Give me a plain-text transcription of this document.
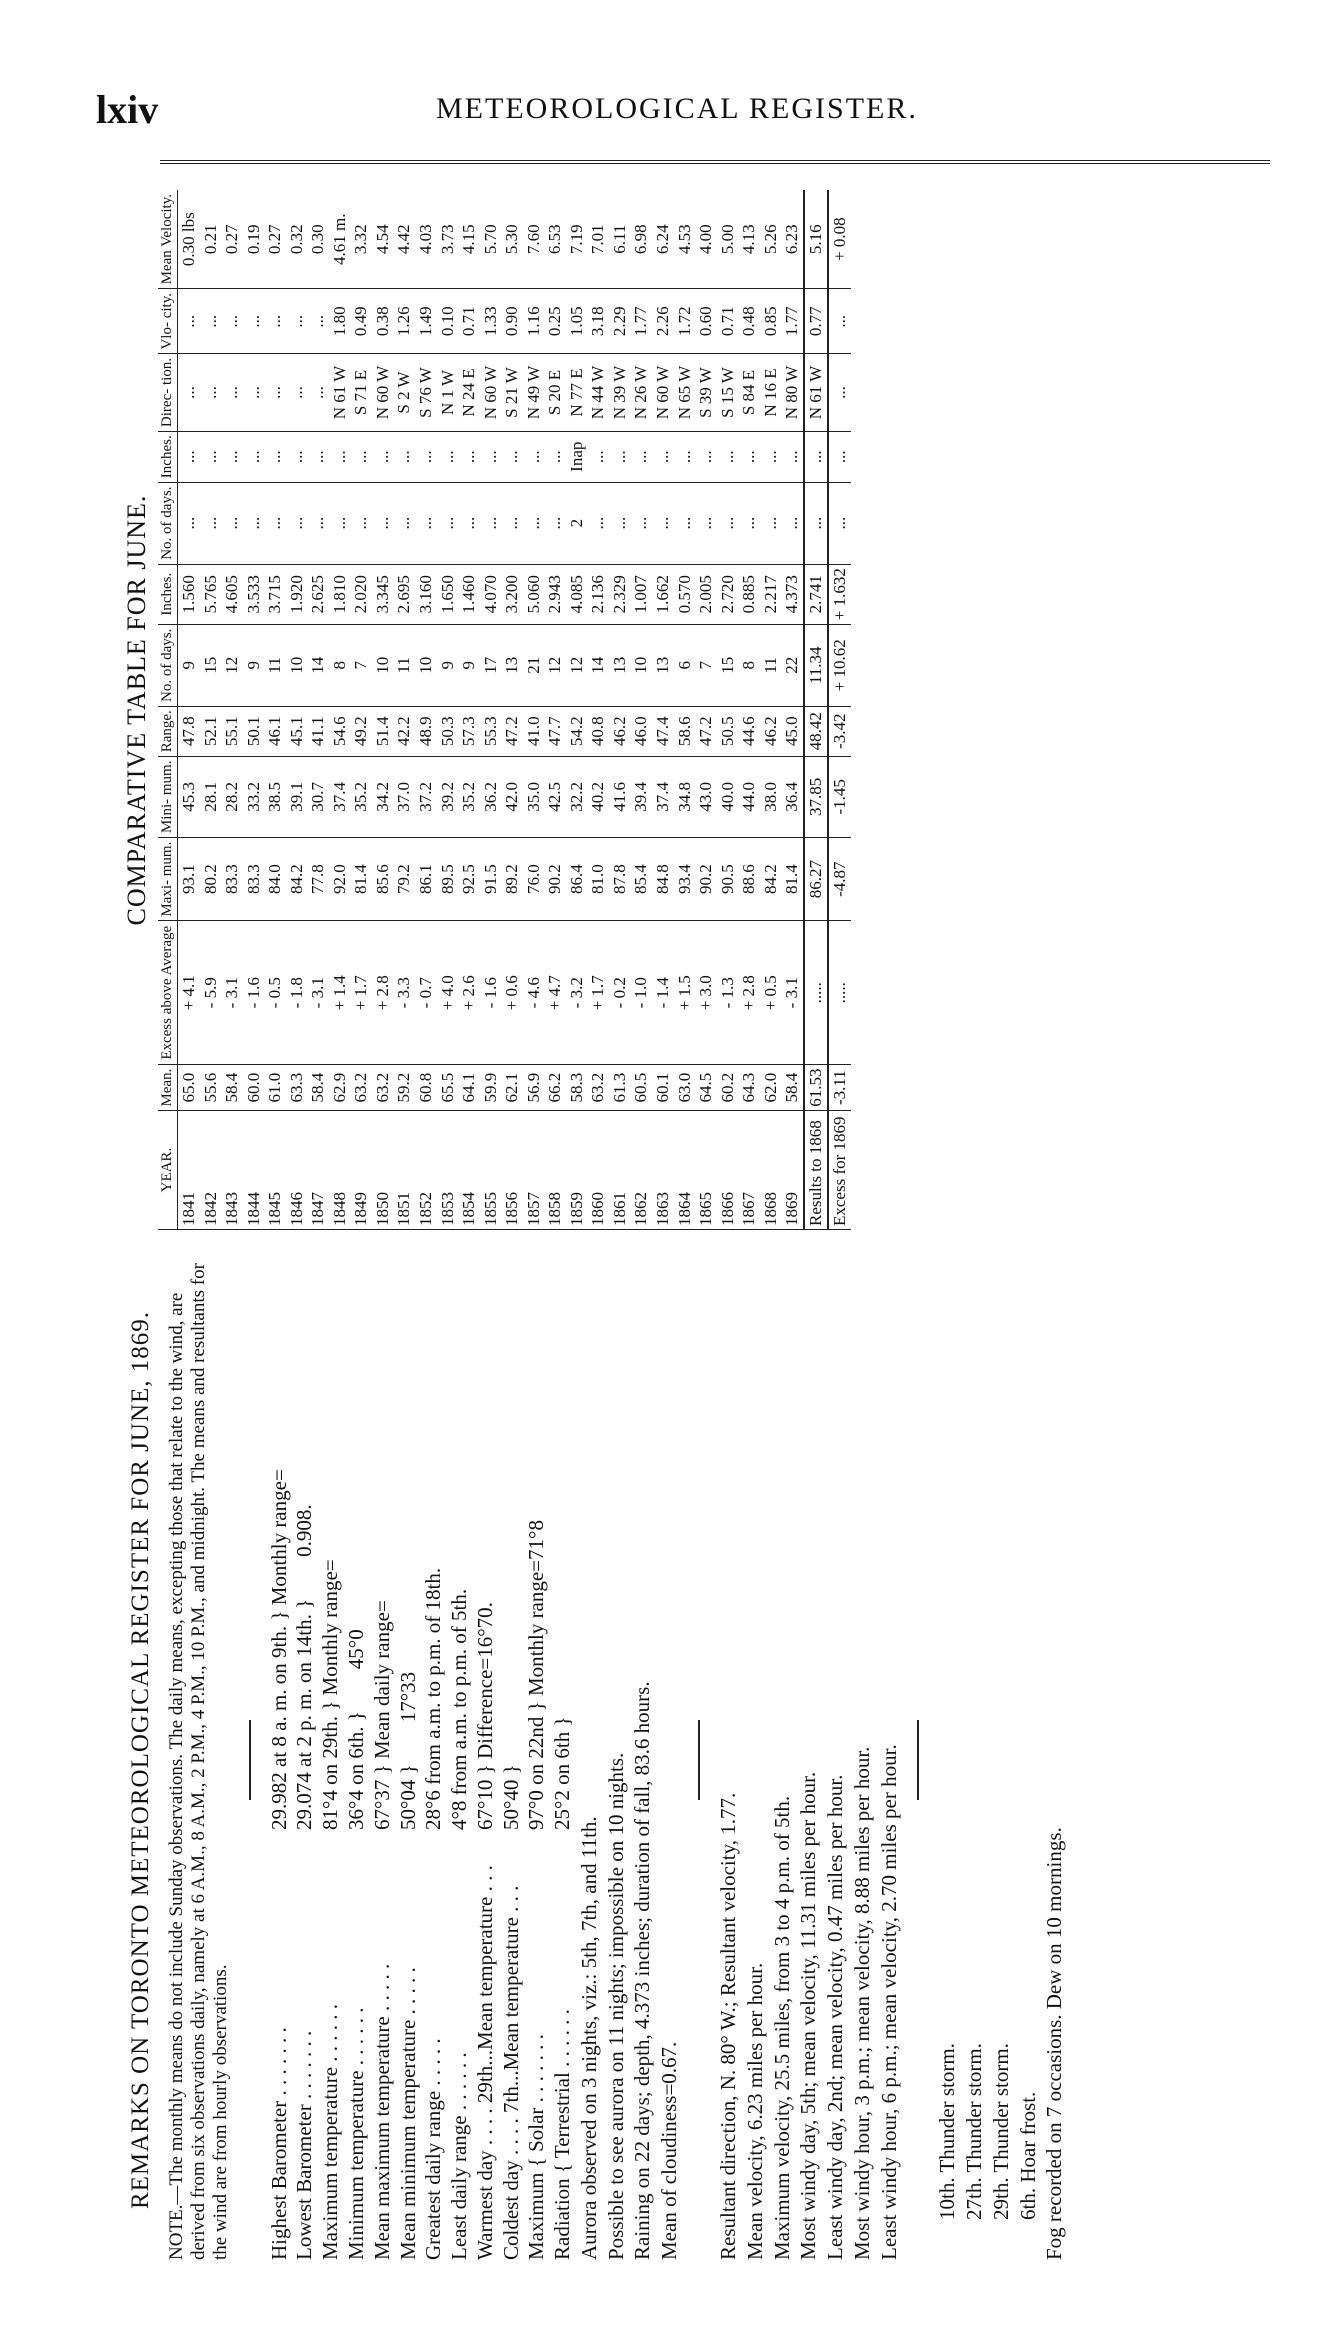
lxiv	METEOROLOGICAL REGISTER.
REMARKS ON TORONTO METEOROLOGICAL REGISTER FOR JUNE, 1869. NOTE.—The monthly means do not include Sunday observations. The daily means, excepting those that relate to the wind, are derived from six observations daily, namely at 6 A.M., 8 A.M., 2 P.M., 4 P.M., 10 P.M., and midnight. The means and resultants for the wind are from hourly observations. Highest Barometer . . . . . . .
29.982 at 8 a. m. on 9th. } Monthly range=
Lowest Barometer . . . . . . .
29.074 at 2 p. m. on 14th. }        0.908.
Maximum temperature . . . . . .
81°4 on 29th. } Monthly range=
Minimum temperature . . . . . .
36°4 on 6th. }        45°0
Mean maximum temperature . . . . .
67°37 } Mean daily range=
Mean minimum temperature . . . . .
50°04 }        17°33
Greatest daily range . . . . .
28°6 from a.m. to p.m. of 18th.
Least daily range . . . . . .
4°8 from a.m. to p.m. of 5th.
Warmest day . . . . 29th...Mean temperature . . .
67°10 } Difference=16°70.
Coldest day . . . . 7th...Mean temperature . . .
50°40 }
Maximum { Solar . . . . . . .
97°0 on 22nd } Monthly range=71°8
Radiation { Terrestrial . . . . . .
25°2 on 6th }
Aurora observed on 3 nights, viz.: 5th, 7th, and 11th. Possible to see aurora on 11 nights; impossible on 10 nights. Raining on 22 days; depth, 4.373 inches; duration of fall, 83.6 hours. Mean of cloudiness=0.67. Resultant direction, N. 80° W.; Resultant velocity, 1.77. Mean velocity, 6.23 miles per hour. Maximum velocity, 25.5 miles, from 3 to 4 p.m. of 5th. Most windy day, 5th; mean velocity, 11.31 miles per hour. Least windy day, 2nd; mean velocity, 0.47 miles per hour. Most windy hour, 3 p.m.; mean velocity, 8.88 miles per hour. Least windy hour, 6 p.m.; mean velocity, 2.70 miles per hour. 10th. Thunder storm. 27th. Thunder storm. 29th. Thunder storm. 6th. Hoar frost. Fog recorded on 7 occasions. Dew on 10 mornings.
COMPARATIVE TABLE FOR JUNE.
YEAR.	Mean.	Excess above Average	Maxi- mum.	Mini- mum.	Range.	No. of days.	Inches.	No. of days.	Inches.	Direc- tion.	Vlo- city.	Mean Velocity.
1841	65.0	+ 4.1	93.1	45.3	47.8	9	1.560	...	...	...	...	0.30 lbs
1842	55.6	- 5.9	80.2	28.1	52.1	15	5.765	...	...	...	...	0.21
1843	58.4	- 3.1	83.3	28.2	55.1	12	4.605	...	...	...	...	0.27
1844	60.0	- 1.6	83.3	33.2	50.1	9	3.533	...	...	...	...	0.19
1845	61.0	- 0.5	84.0	38.5	46.1	11	3.715	...	...	...	...	0.27
1846	63.3	- 1.8	84.2	39.1	45.1	10	1.920	...	...	...	...	0.32
1847	58.4	- 3.1	77.8	30.7	41.1	14	2.625	...	...	...	...	0.30
1848	62.9	+ 1.4	92.0	37.4	54.6	8	1.810	...	...	N 61 W	1.80	4.61 m.
1849	63.2	+ 1.7	81.4	35.2	49.2	7	2.020	...	...	S 71 E	0.49	3.32
1850	63.2	+ 2.8	85.6	34.2	51.4	10	3.345	...	...	N 60 W	0.38	4.54
1851	59.2	- 3.3	79.2	37.0	42.2	11	2.695	...	...	S 2 W	1.26	4.42
1852	60.8	- 0.7	86.1	37.2	48.9	10	3.160	...	...	S 76 W	1.49	4.03
1853	65.5	+ 4.0	89.5	39.2	50.3	9	1.650	...	...	N 1 W	0.10	3.73
1854	64.1	+ 2.6	92.5	35.2	57.3	9	1.460	...	...	N 24 E	0.71	4.15
1855	59.9	- 1.6	91.5	36.2	55.3	17	4.070	...	...	N 60 W	1.33	5.70
1856	62.1	+ 0.6	89.2	42.0	47.2	13	3.200	...	...	S 21 W	0.90	5.30
1857	56.9	- 4.6	76.0	35.0	41.0	21	5.060	...	...	N 49 W	1.16	7.60
1858	66.2	+ 4.7	90.2	42.5	47.7	12	2.943	...	...	S 20 E	0.25	6.53
1859	58.3	- 3.2	86.4	32.2	54.2	12	4.085	2	Inap	N 77 E	1.05	7.19
1860	63.2	+ 1.7	81.0	40.2	40.8	14	2.136	...	...	N 44 W	3.18	7.01
1861	61.3	- 0.2	87.8	41.6	46.2	13	2.329	...	...	N 39 W	2.29	6.11
1862	60.5	- 1.0	85.4	39.4	46.0	10	1.007	...	...	N 26 W	1.77	6.98
1863	60.1	- 1.4	84.8	37.4	47.4	13	1.662	...	...	N 60 W	2.26	6.24
1864	63.0	+ 1.5	93.4	34.8	58.6	6	0.570	...	...	N 65 W	1.72	4.53
1865	64.5	+ 3.0	90.2	43.0	47.2	7	2.005	...	...	S 39 W	0.60	4.00
1866	60.2	- 1.3	90.5	40.0	50.5	15	2.720	...	...	S 15 W	0.71	5.00
1867	64.3	+ 2.8	88.6	44.0	44.6	8	0.885	...	...	S 84 E	0.48	4.13
1868	62.0	+ 0.5	84.2	38.0	46.2	11	2.217	...	...	N 16 E	0.85	5.26
1869	58.4	- 3.1	81.4	36.4	45.0	22	4.373	...	...	N 80 W	1.77	6.23
Results to 1868	61.53	.....	86.27	37.85	48.42	11.34	2.741	...	...	N 61 W	0.77	5.16
Excess for 1869	-3.11	.....	-4.87	-1.45	-3.42	+ 10.62	+ 1.632	...	...	...	...	+ 0.08
